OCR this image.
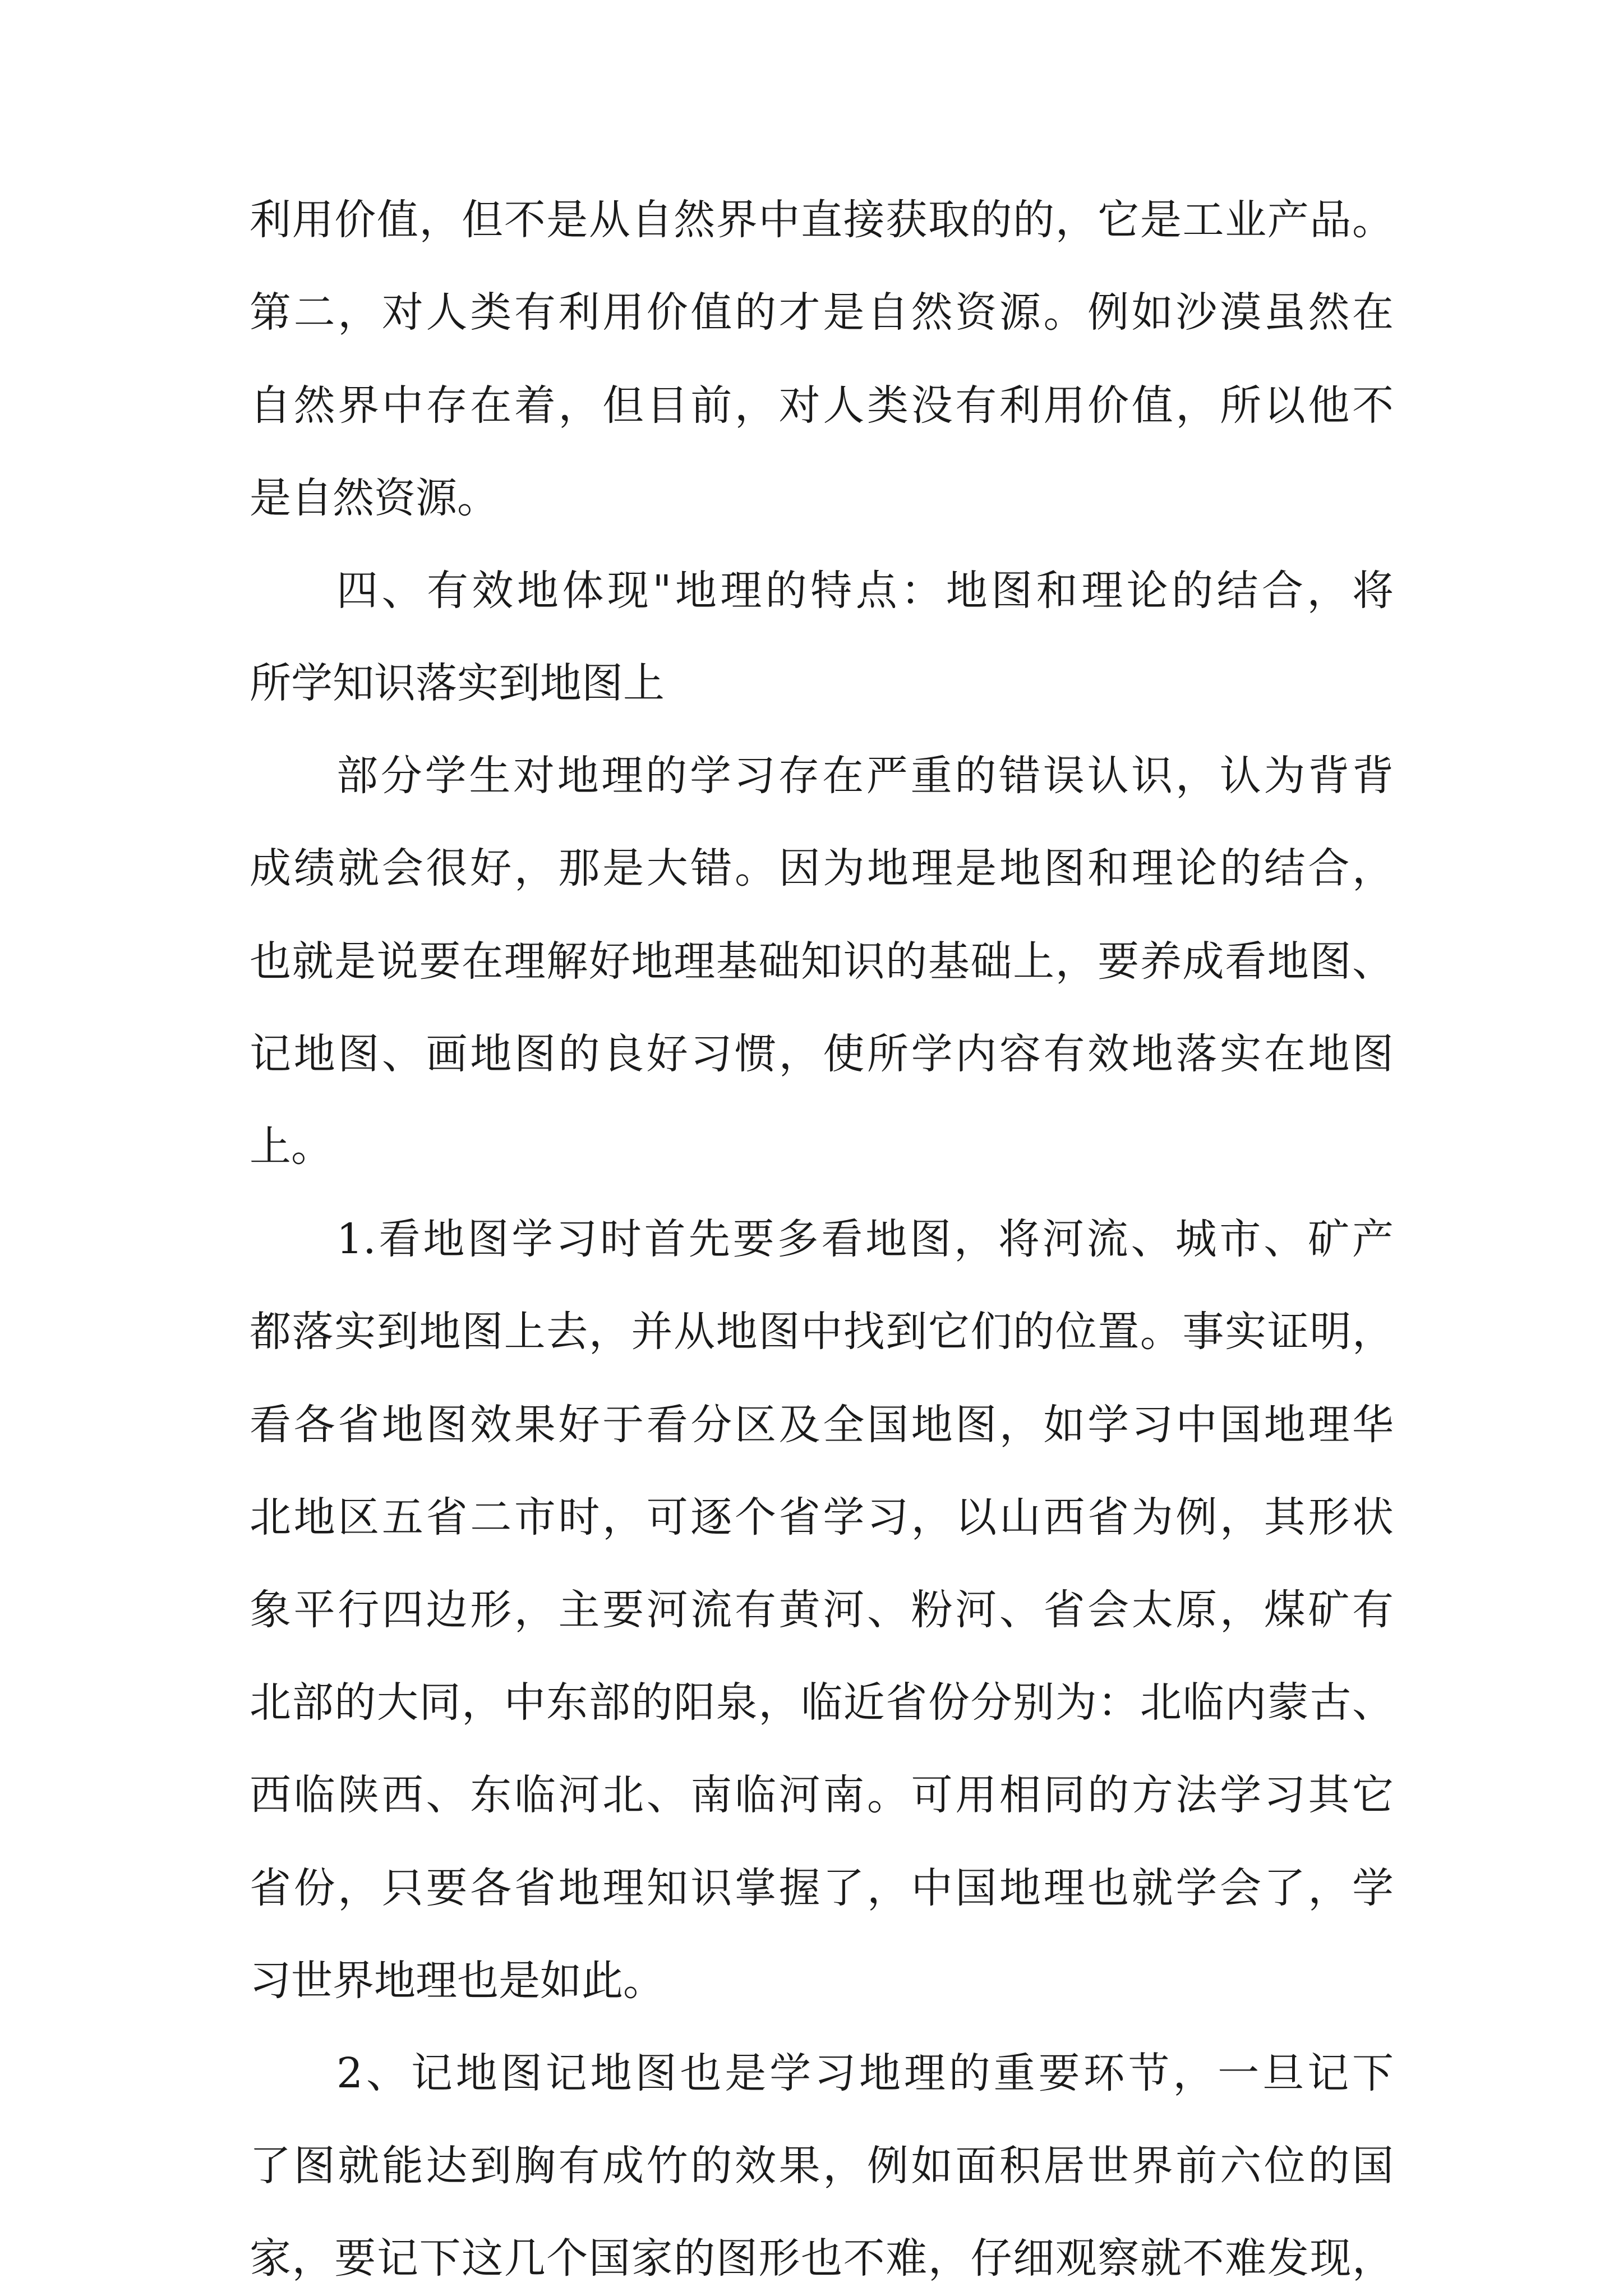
利用价值，但不是从自然界中直接获取的的，它是工业产品。

第二，对人类有利用价值的才是自然资源。例如沙漠虽然在

自然界中存在着，但目前，对人类没有利用价值，所以他不

是自然资源。

四、有效地体现"地理的特点：地图和理论的结合，将

所学知识落实到地图上

部分学生对地理的学习存在严重的错误认识，认为背背

成绩就会很好，那是大错。因为地理是地图和理论的结合，

也就是说要在理解好地理基础知识的基础上，要养成看地图、

记地图、画地图的良好习惯，使所学内容有效地落实在地图

上。

1.看地图学习时首先要多看地图，将河流、城市、矿产

都落实到地图上去，并从地图中找到它们的位置。事实证明，

看各省地图效果好于看分区及全国地图，如学习中国地理华

北地区五省二市时，可逐个省学习，以山西省为例，其形状

象平行四边形，主要河流有黄河、粉河、省会太原，煤矿有

北部的大同，中东部的阳泉，临近省份分别为：北临内蒙古、

西临陕西、东临河北、南临河南。可用相同的方法学习其它

省份，只要各省地理知识掌握了，中国地理也就学会了，学

习世界地理也是如此。

2、记地图记地图也是学习地理的重要环节，一旦记下

了图就能达到胸有成竹的效果，例如面积居世界前六位的国

家，要记下这几个国家的图形也不难，仔细观察就不难发现，
